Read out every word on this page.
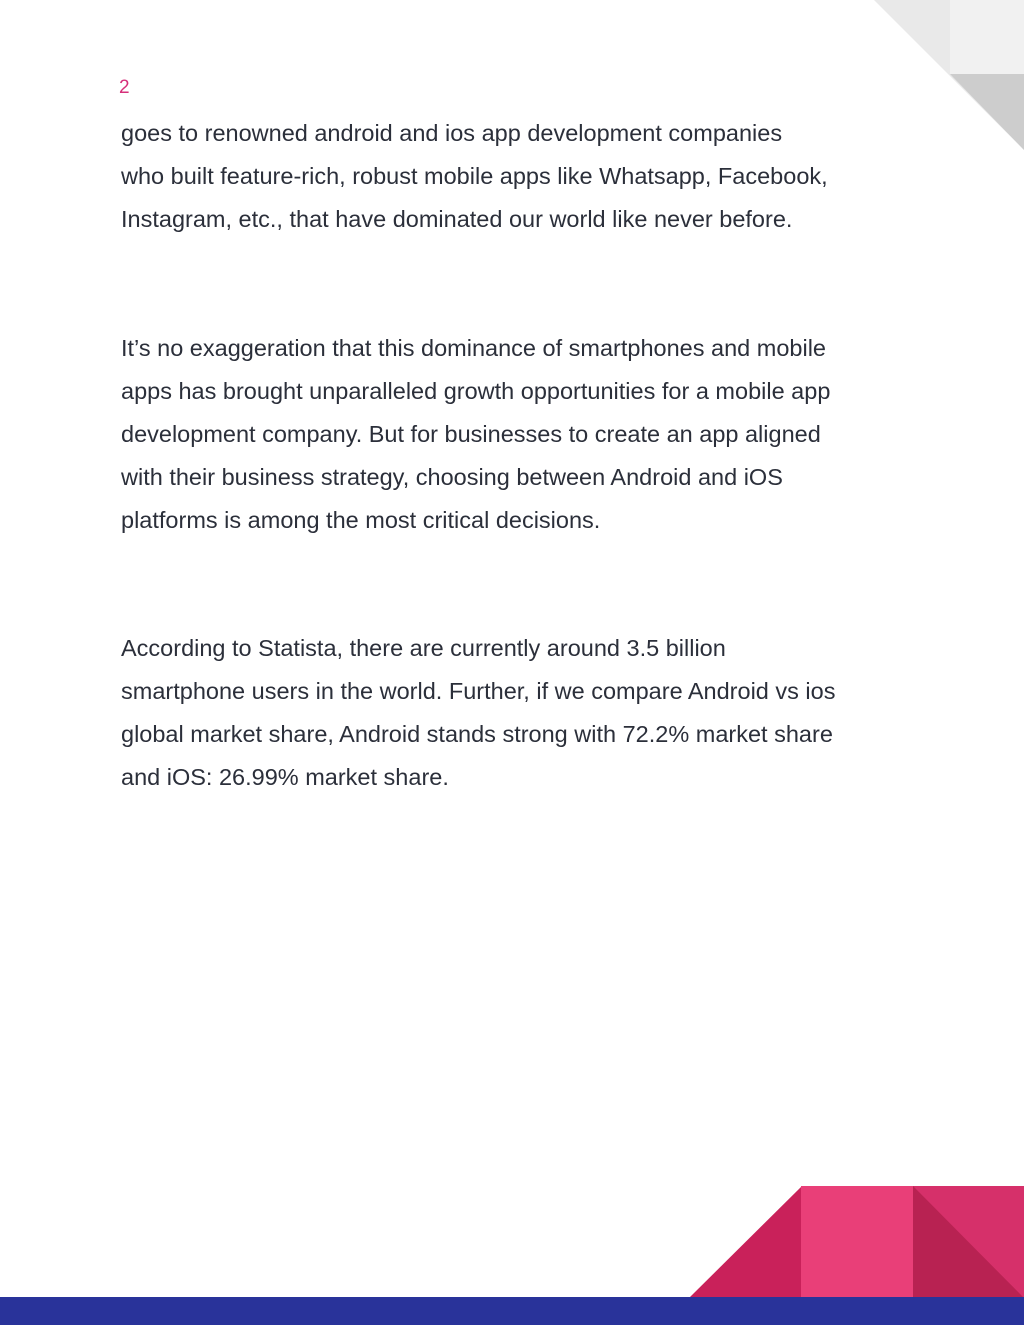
2

goes to renowned android and ios app development companies
who built feature-rich, robust mobile apps like Whatsapp, Facebook,
Instagram, etc., that have dominated our world like never before.

It’s no exaggeration that this dominance of smartphones and mobile
apps has brought unparalleled growth opportunities for a mobile app
development company. But for businesses to create an app aligned
with their business strategy, choosing between Android and iOS
platforms is among the most critical decisions.

According to Statista, there are currently around 3.5 billion
smartphone users in the world. Further, if we compare Android vs ios
global market share, Android stands strong with 72.2% market share
and iOS: 26.99% market share.
